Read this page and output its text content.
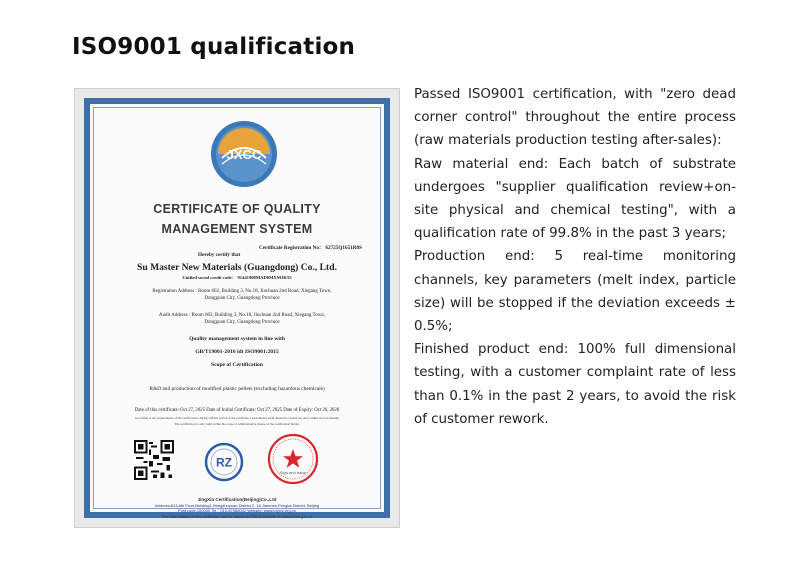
ISO9001 qualification
JXCC
CERTIFICATE OF QUALITY
MANAGEMENT SYSTEM
Certificate Registration No： 62725Q1651R0S
Hereby certify that
Su Master New Materials (Guangdong) Co., Ltd.
Unified social credit code： 91441900MAD0MXMJK55
Registration Address : Room 602, Building 3, No.18, Jinchuan 2nd Road, Xiegang Town,
Dongguan City, Guangdong Province
Audit Address : Room 602, Building 3, No.18, Jinchuan 2nd Road, Xiegang Town,
Dongguan City, Guangdong Province
Quality management system in line with
GB/T19001-2016 idt ISO9001:2015
Scope of Certification
R&D and production of modified plastic pellets (excluding hazardous chemicals)
Date of this certificate: Oct 27, 2025 Date of Initial Certificate: Oct 27, 2025 Date of Expiry: Oct 26, 2028
According to the requirements of the certification, during validity period of the certificate a surveillance audit should be carried out once within each 12 months.
The certification is only valid within the scope of administrative license of the certification holder.
RZ
Sign and issue
JingXin Certification(Beijing)Co.,Ltd
Address:813,8th Floor,Building1,Hongzhuyuan District 2, 18 Jianmen,Fengtai District, Beijing
Post code:100000 Tel：010-87588032 Website: www.bxjxrz.org.cn
The information of this certificate can be found on CNCA website at www.cnca.gov.cn

Passed ISO9001 certification, with "zero dead corner control" throughout the entire process (raw materials production testing after-sales):

Raw material end: Each batch of substrate undergoes "supplier qualification review+on-site physical and chemical testing", with a qualification rate of 99.8% in the past 3 years;

Production end: 5 real-time monitoring channels, key parameters (melt index, particle size) will be stopped if the deviation exceeds ± 0.5%;

Finished product end: 100% full dimensional testing, with a customer complaint rate of less than 0.1% in the past 2 years, to avoid the risk of customer rework.
